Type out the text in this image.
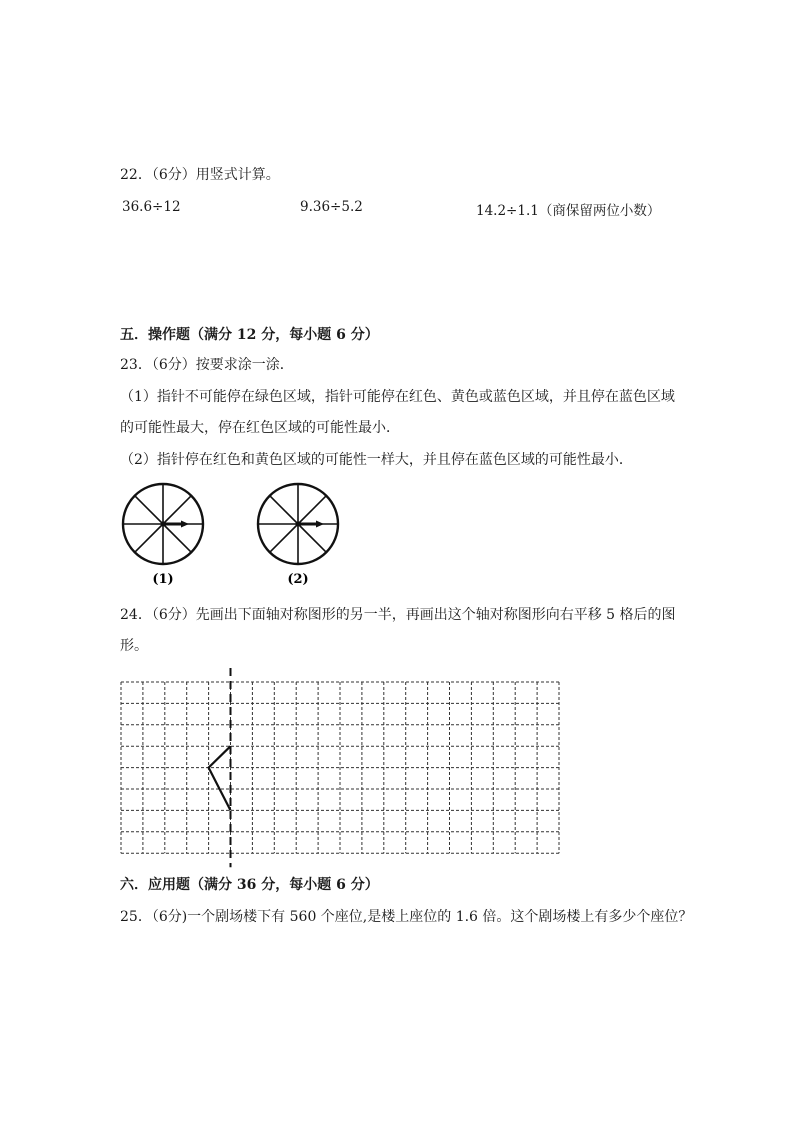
22．（6分）用竖式计算。
36.6÷12	9.36÷5.2	14.2÷1.1（商保留两位小数）
五．操作题（满分 12 分，每小题 6 分）
23．（6分）按要求涂一涂．
（1）指针不可能停在绿色区域，指针可能停在红色、黄色或蓝色区域，并且停在蓝色区域
的可能性最大，停在红色区域的可能性最小．
（2）指针停在红色和黄色区域的可能性一样大，并且停在蓝色区域的可能性最小．
(1)	(2)
24．（6分）先画出下面轴对称图形的另一半，再画出这个轴对称图形向右平移 5 格后的图
形。
六．应用题（满分 36 分，每小题 6 分）
25．（6分)一个剧场楼下有 560 个座位,是楼上座位的 1.6 倍。这个剧场楼上有多少个座位？
